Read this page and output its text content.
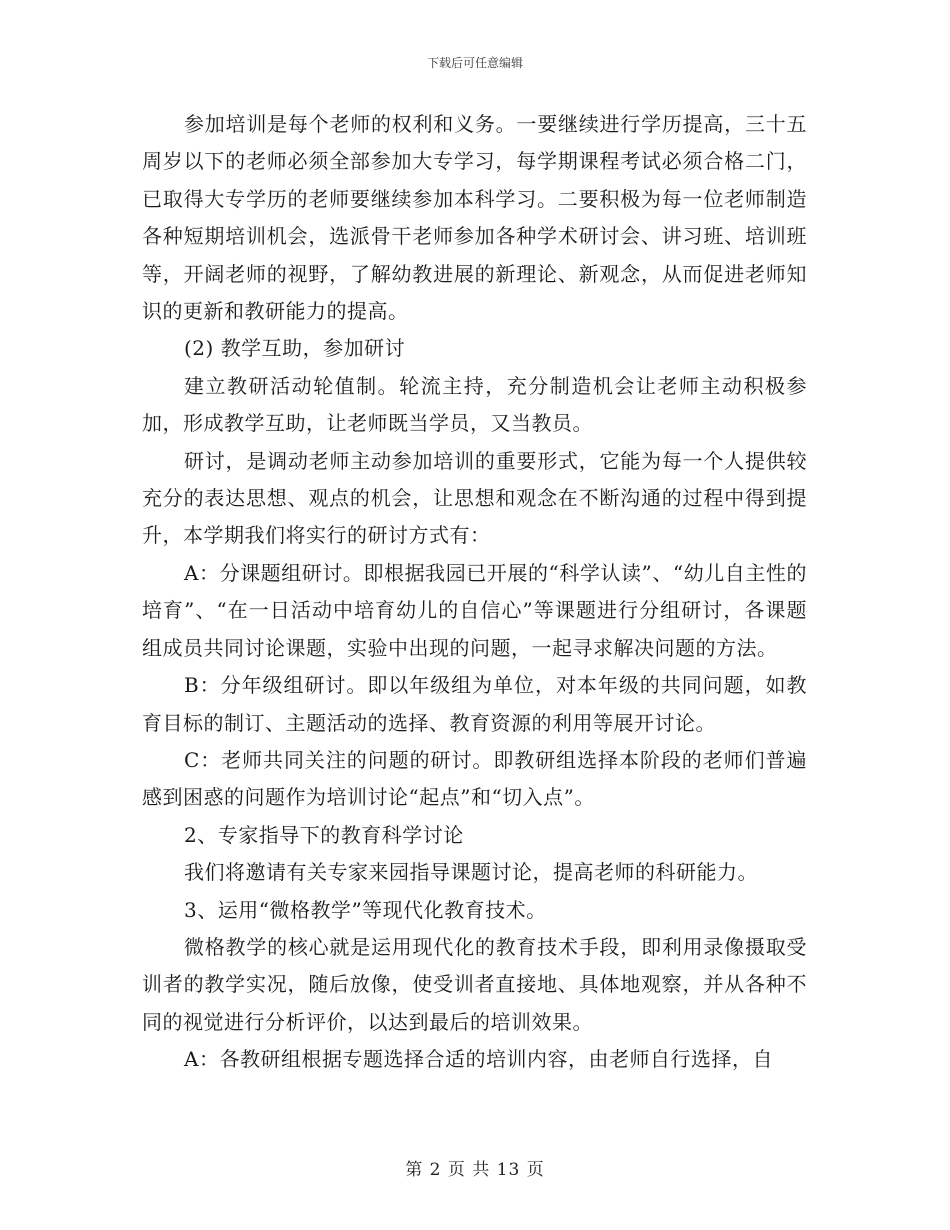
下载后可任意编辑

参加培训是每个老师的权利和义务。一要继续进行学历提高，三十五周岁以下的老师必须全部参加大专学习，每学期课程考试必须合格二门，已取得大专学历的老师要继续参加本科学习。二要积极为每一位老师制造各种短期培训机会，选派骨干老师参加各种学术研讨会、讲习班、培训班等，开阔老师的视野，了解幼教进展的新理论、新观念，从而促进老师知识的更新和教研能力的提高。

(2) 教学互助，参加研讨

建立教研活动轮值制。轮流主持，充分制造机会让老师主动积极参加，形成教学互助，让老师既当学员，又当教员。

研讨，是调动老师主动参加培训的重要形式，它能为每一个人提供较充分的表达思想、观点的机会，让思想和观念在不断沟通的过程中得到提升，本学期我们将实行的研讨方式有：

A：分课题组研讨。即根据我园已开展的“科学认读”、“幼儿自主性的培育”、“在一日活动中培育幼儿的自信心”等课题进行分组研讨，各课题组成员共同讨论课题，实验中出现的问题，一起寻求解决问题的方法。

B：分年级组研讨。即以年级组为单位，对本年级的共同问题，如教育目标的制订、主题活动的选择、教育资源的利用等展开讨论。

C：老师共同关注的问题的研讨。即教研组选择本阶段的老师们普遍感到困惑的问题作为培训讨论“起点”和“切入点”。

2、专家指导下的教育科学讨论

我们将邀请有关专家来园指导课题讨论，提高老师的科研能力。

3、运用“微格教学”等现代化教育技术。

微格教学的核心就是运用现代化的教育技术手段，即利用录像摄取受训者的教学实况，随后放像，使受训者直接地、具体地观察，并从各种不同的视觉进行分析评价，以达到最后的培训效果。

A：各教研组根据专题选择合适的培训内容，由老师自行选择，自

第 2 页 共 13 页
